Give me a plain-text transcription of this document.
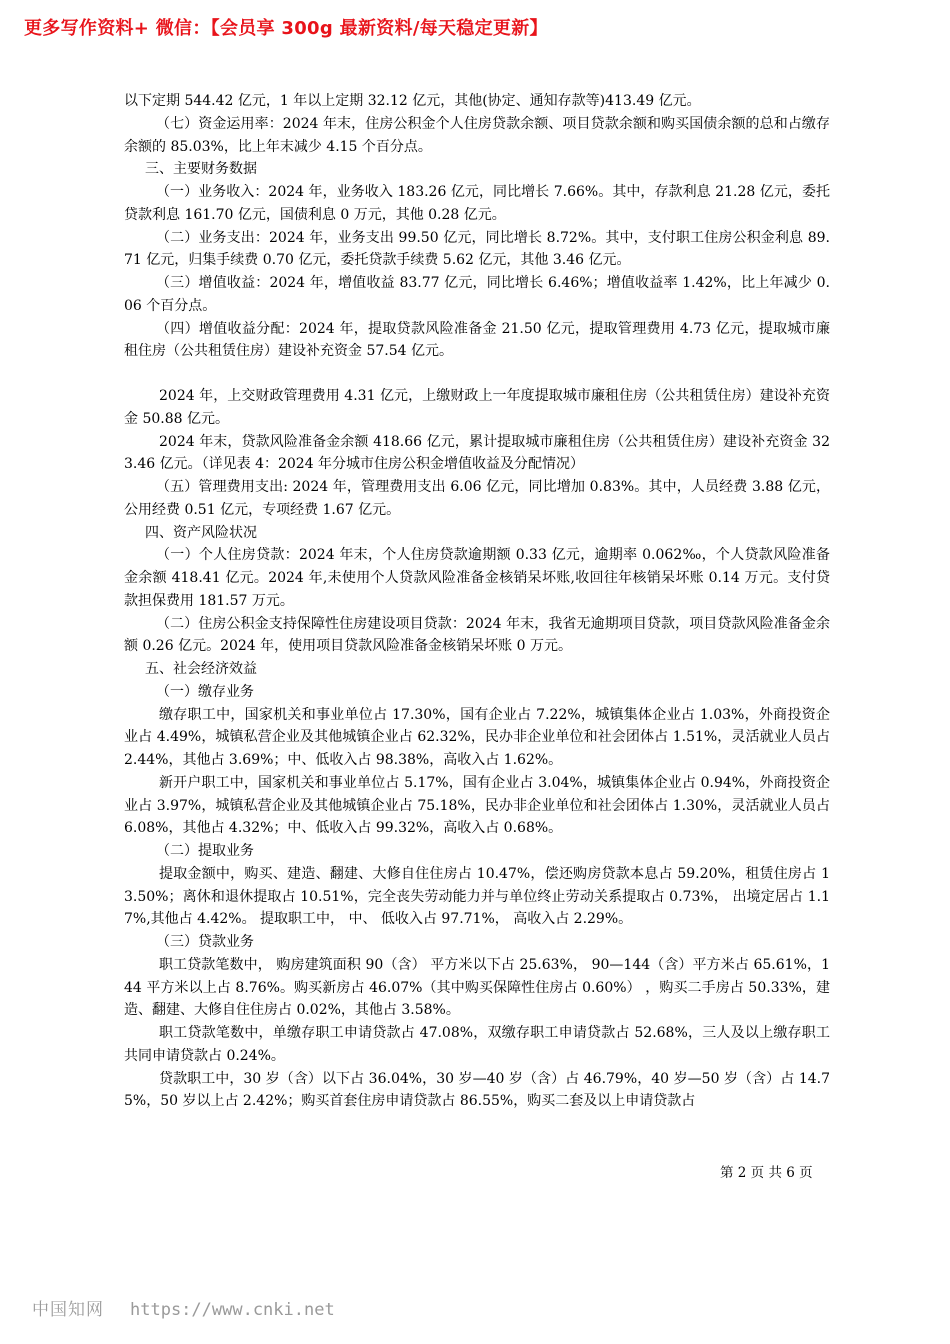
更多写作资料+ 微信：【会员享 300g 最新资料/每天稳定更新】

以下定期 544.42 亿元，1 年以上定期 32.12 亿元，其他(协定、通知存款等)413.49 亿元。

（七）资金运用率：2024 年末，住房公积金个人住房贷款余额、项目贷款余额和购买国债余额的总和占缴存余额的 85.03%，比上年末减少 4.15 个百分点。

三、主要财务数据

（一）业务收入：2024 年，业务收入 183.26 亿元，同比增长 7.66%。其中，存款利息 21.28 亿元，委托贷款利息 161.70 亿元，国债利息 0 万元，其他 0.28 亿元。

（二）业务支出：2024 年，业务支出 99.50 亿元，同比增长 8.72%。其中，支付职工住房公积金利息 89.71 亿元，归集手续费 0.70 亿元，委托贷款手续费 5.62 亿元，其他 3.46 亿元。

（三）增值收益：2024 年，增值收益 83.77 亿元，同比增长 6.46%；增值收益率 1.42%，比上年减少 0.06 个百分点。

（四）增值收益分配：2024 年，提取贷款风险准备金 21.50 亿元，提取管理费用 4.73 亿元，提取城市廉租住房（公共租赁住房）建设补充资金 57.54 亿元。

2024 年，上交财政管理费用 4.31 亿元，上缴财政上一年度提取城市廉租住房（公共租赁住房）建设补充资金 50.88 亿元。

2024 年末，贷款风险准备金余额 418.66 亿元，累计提取城市廉租住房（公共租赁住房）建设补充资金 323.46 亿元。（详见表 4：2024 年分城市住房公积金增值收益及分配情况）

（五）管理费用支出: 2024 年，管理费用支出 6.06 亿元，同比增加 0.83%。其中，人员经费 3.88 亿元，公用经费 0.51 亿元，专项经费 1.67 亿元。

四、资产风险状况

（一）个人住房贷款：2024 年末，个人住房贷款逾期额 0.33 亿元，逾期率 0.062‰，个人贷款风险准备金余额 418.41 亿元。2024 年,未使用个人贷款风险准备金核销呆坏账,收回往年核销呆坏账 0.14 万元。支付贷款担保费用 181.57 万元。

（二）住房公积金支持保障性住房建设项目贷款：2024 年末，我省无逾期项目贷款，项目贷款风险准备金余额 0.26 亿元。2024 年，使用项目贷款风险准备金核销呆坏账 0 万元。

五、社会经济效益

（一）缴存业务

缴存职工中，国家机关和事业单位占 17.30%，国有企业占 7.22%，城镇集体企业占 1.03%，外商投资企业占 4.49%，城镇私营企业及其他城镇企业占 62.32%，民办非企业单位和社会团体占 1.51%，灵活就业人员占 2.44%，其他占 3.69%；中、低收入占 98.38%，高收入占 1.62%。

新开户职工中，国家机关和事业单位占 5.17%，国有企业占 3.04%，城镇集体企业占 0.94%，外商投资企业占 3.97%，城镇私营企业及其他城镇企业占 75.18%，民办非企业单位和社会团体占 1.30%，灵活就业人员占 6.08%，其他占 4.32%；中、低收入占 99.32%，高收入占 0.68%。

（二）提取业务

提取金额中，购买、建造、翻建、大修自住住房占 10.47%，偿还购房贷款本息占 59.20%，租赁住房占 13.50%；离休和退休提取占 10.51%，完全丧失劳动能力并与单位终止劳动关系提取占 0.73%， 出境定居占 1.17%,其他占 4.42%。 提取职工中， 中、 低收入占 97.71%， 高收入占 2.29%。

（三）贷款业务

职工贷款笔数中， 购房建筑面积 90（含） 平方米以下占 25.63%， 90—144（含）平方米占 65.61%，144 平方米以上占 8.76%。购买新房占 46.07%（其中购买保障性住房占 0.60%） ，购买二手房占 50.33%，建造、翻建、大修自住住房占 0.02%，其他占 3.58%。

职工贷款笔数中，单缴存职工申请贷款占 47.08%，双缴存职工申请贷款占 52.68%，三人及以上缴存职工共同申请贷款占 0.24%。

贷款职工中，30 岁（含）以下占 36.04%，30 岁—40 岁（含）占 46.79%，40 岁—50 岁（含）占 14.75%，50 岁以上占 2.42%；购买首套住房申请贷款占 86.55%，购买二套及以上申请贷款占

第 2 页 共 6 页
中国知网 https://www.cnki.net
